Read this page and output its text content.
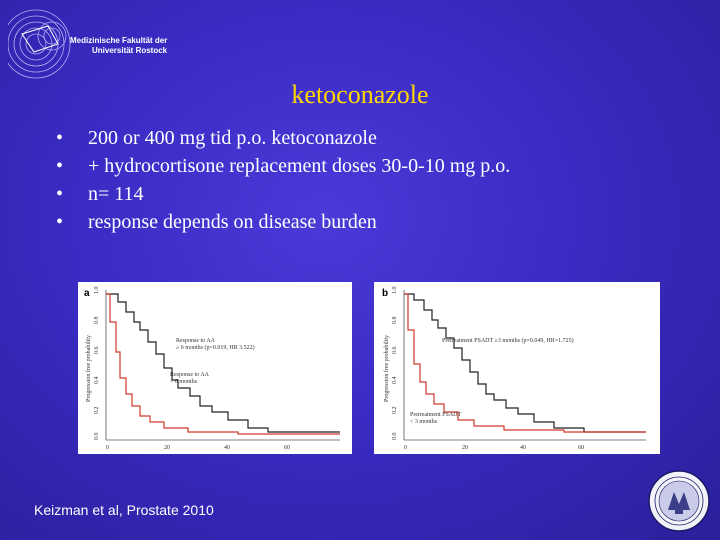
Medizinische Fakultät der
Universität Rostock
ketoconazole
• 200 or 400 mg tid p.o. ketoconazole
• + hydrocortisone replacement doses 30-0-10 mg p.o.
• n= 114
• response depends on disease burden
a
Progression free probability
1.0
0.8
0.6
0.4
0.2
0.0
0	20	40	60
Response to AA
≥ 6 months (p=0.019, HR 3.522)
Response to AA
< 6 months
b
Progression free probability
1.0
0.8
0.6
0.4
0.2
0.0
0	20	40	60
Pretreatment PSADT ≥3 months (p=0.049, HR=1.725)
Pretreatment PSADT
< 3 months
Keizman et al, Prostate 2010
